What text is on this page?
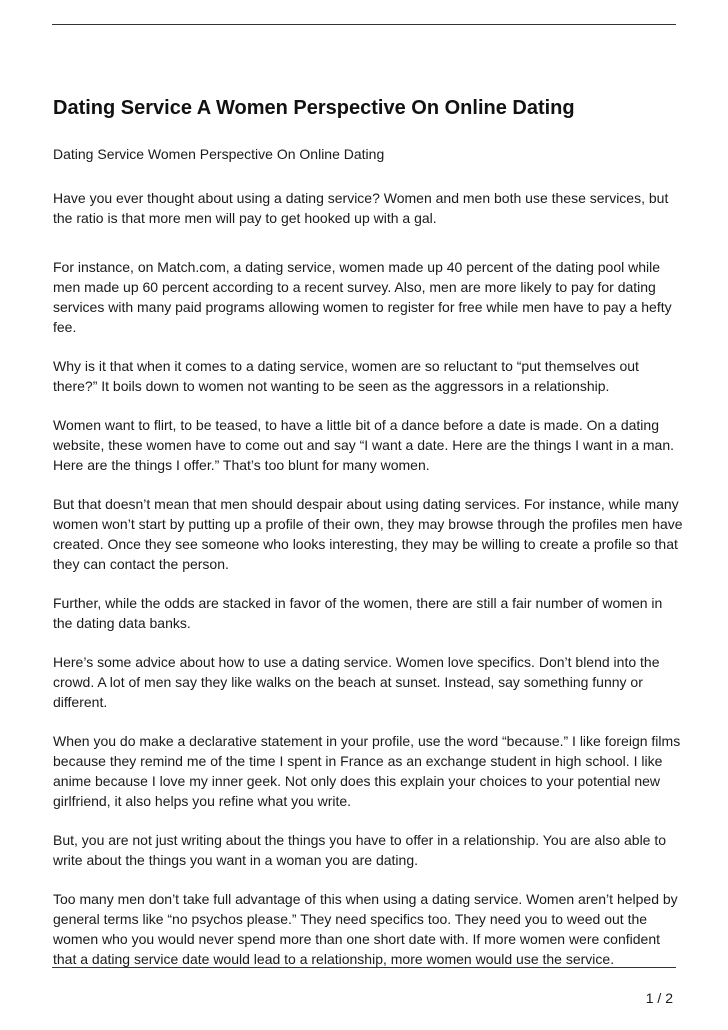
Dating Service A Women Perspective On Online Dating

Dating Service Women Perspective On Online Dating

Have you ever thought about using a dating service? Women and men both use these services, but the ratio is that more men will pay to get hooked up with a gal.

For instance, on Match.com, a dating service, women made up 40 percent of the dating pool while men made up 60 percent according to a recent survey. Also, men are more likely to pay for dating services with many paid programs allowing women to register for free while men have to pay a hefty fee.

Why is it that when it comes to a dating service, women are so reluctant to “put themselves out there?” It boils down to women not wanting to be seen as the aggressors in a relationship.

Women want to flirt, to be teased, to have a little bit of a dance before a date is made. On a dating website, these women have to come out and say “I want a date. Here are the things I want in a man. Here are the things I offer.” That’s too blunt for many women.

But that doesn’t mean that men should despair about using dating services. For instance, while many women won’t start by putting up a profile of their own, they may browse through the profiles men have created. Once they see someone who looks interesting, they may be willing to create a profile so that they can contact the person.

Further, while the odds are stacked in favor of the women, there are still a fair number of women in the dating data banks.

Here’s some advice about how to use a dating service. Women love specifics. Don’t blend into the crowd. A lot of men say they like walks on the beach at sunset. Instead, say something funny or different.

When you do make a declarative statement in your profile, use the word “because.” I like foreign films because they remind me of the time I spent in France as an exchange student in high school. I like anime because I love my inner geek. Not only does this explain your choices to your potential new girlfriend, it also helps you refine what you write.

But, you are not just writing about the things you have to offer in a relationship. You are also able to write about the things you want in a woman you are dating.

Too many men don’t take full advantage of this when using a dating service. Women aren’t helped by general terms like “no psychos please.” They need specifics too. They need you to weed out the women who you would never spend more than one short date with. If more women were confident that a dating service date would lead to a relationship, more women would use the service.

1 / 2
